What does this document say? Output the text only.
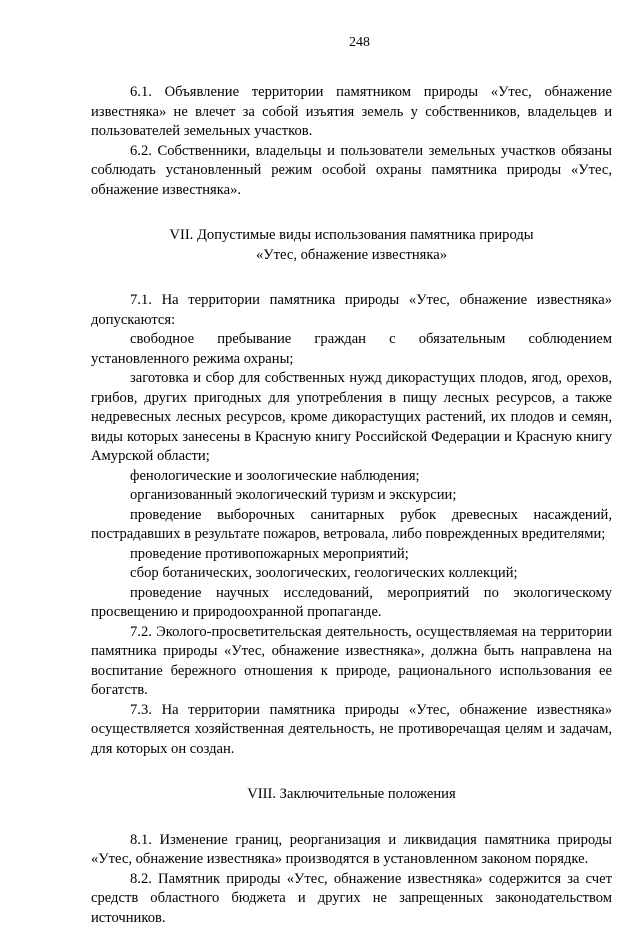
248

6.1. Объявление территории памятником природы «Утес, обнажение известняка» не влечет за собой изъятия земель у собственников, владельцев и пользователей земельных участков.

6.2. Собственники, владельцы и пользователи земельных участков обязаны соблюдать установленный режим особой охраны памятника природы «Утес, обнажение известняка».

VII. Допустимые виды использования памятника природы
«Утес, обнажение известняка»

7.1. На территории памятника природы «Утес, обнажение известняка» допускаются:

свободное пребывание граждан с обязательным соблюдением установленного режима охраны;

заготовка и сбор для собственных нужд дикорастущих плодов, ягод, орехов, грибов, других пригодных для употребления в пищу лесных ресурсов, а также недревесных лесных ресурсов, кроме дикорастущих растений, их плодов и семян, виды которых занесены в Красную книгу Российской Федерации и Красную книгу Амурской области;

фенологические и зоологические наблюдения;

организованный экологический туризм и экскурсии;

проведение выборочных санитарных рубок древесных насаждений, пострадавших в результате пожаров, ветровала, либо поврежденных вредителями;

проведение противопожарных мероприятий;

сбор ботанических, зоологических, геологических коллекций;

проведение научных исследований, мероприятий по экологическому просвещению и природоохранной пропаганде.

7.2. Эколого-просветительская деятельность, осуществляемая на территории памятника природы «Утес, обнажение известняка», должна быть направлена на воспитание бережного отношения к природе, рационального использования ее богатств.

7.3. На территории памятника природы «Утес, обнажение известняка» осуществляется хозяйственная деятельность, не противоречащая целям и задачам, для которых он создан.

VIII. Заключительные положения

8.1. Изменение границ, реорганизация и ликвидация памятника природы «Утес, обнажение известняка» производятся в установленном законом порядке.

8.2. Памятник природы «Утес, обнажение известняка» содержится за счет средств областного бюджета и других не запрещенных законодательством источников.
